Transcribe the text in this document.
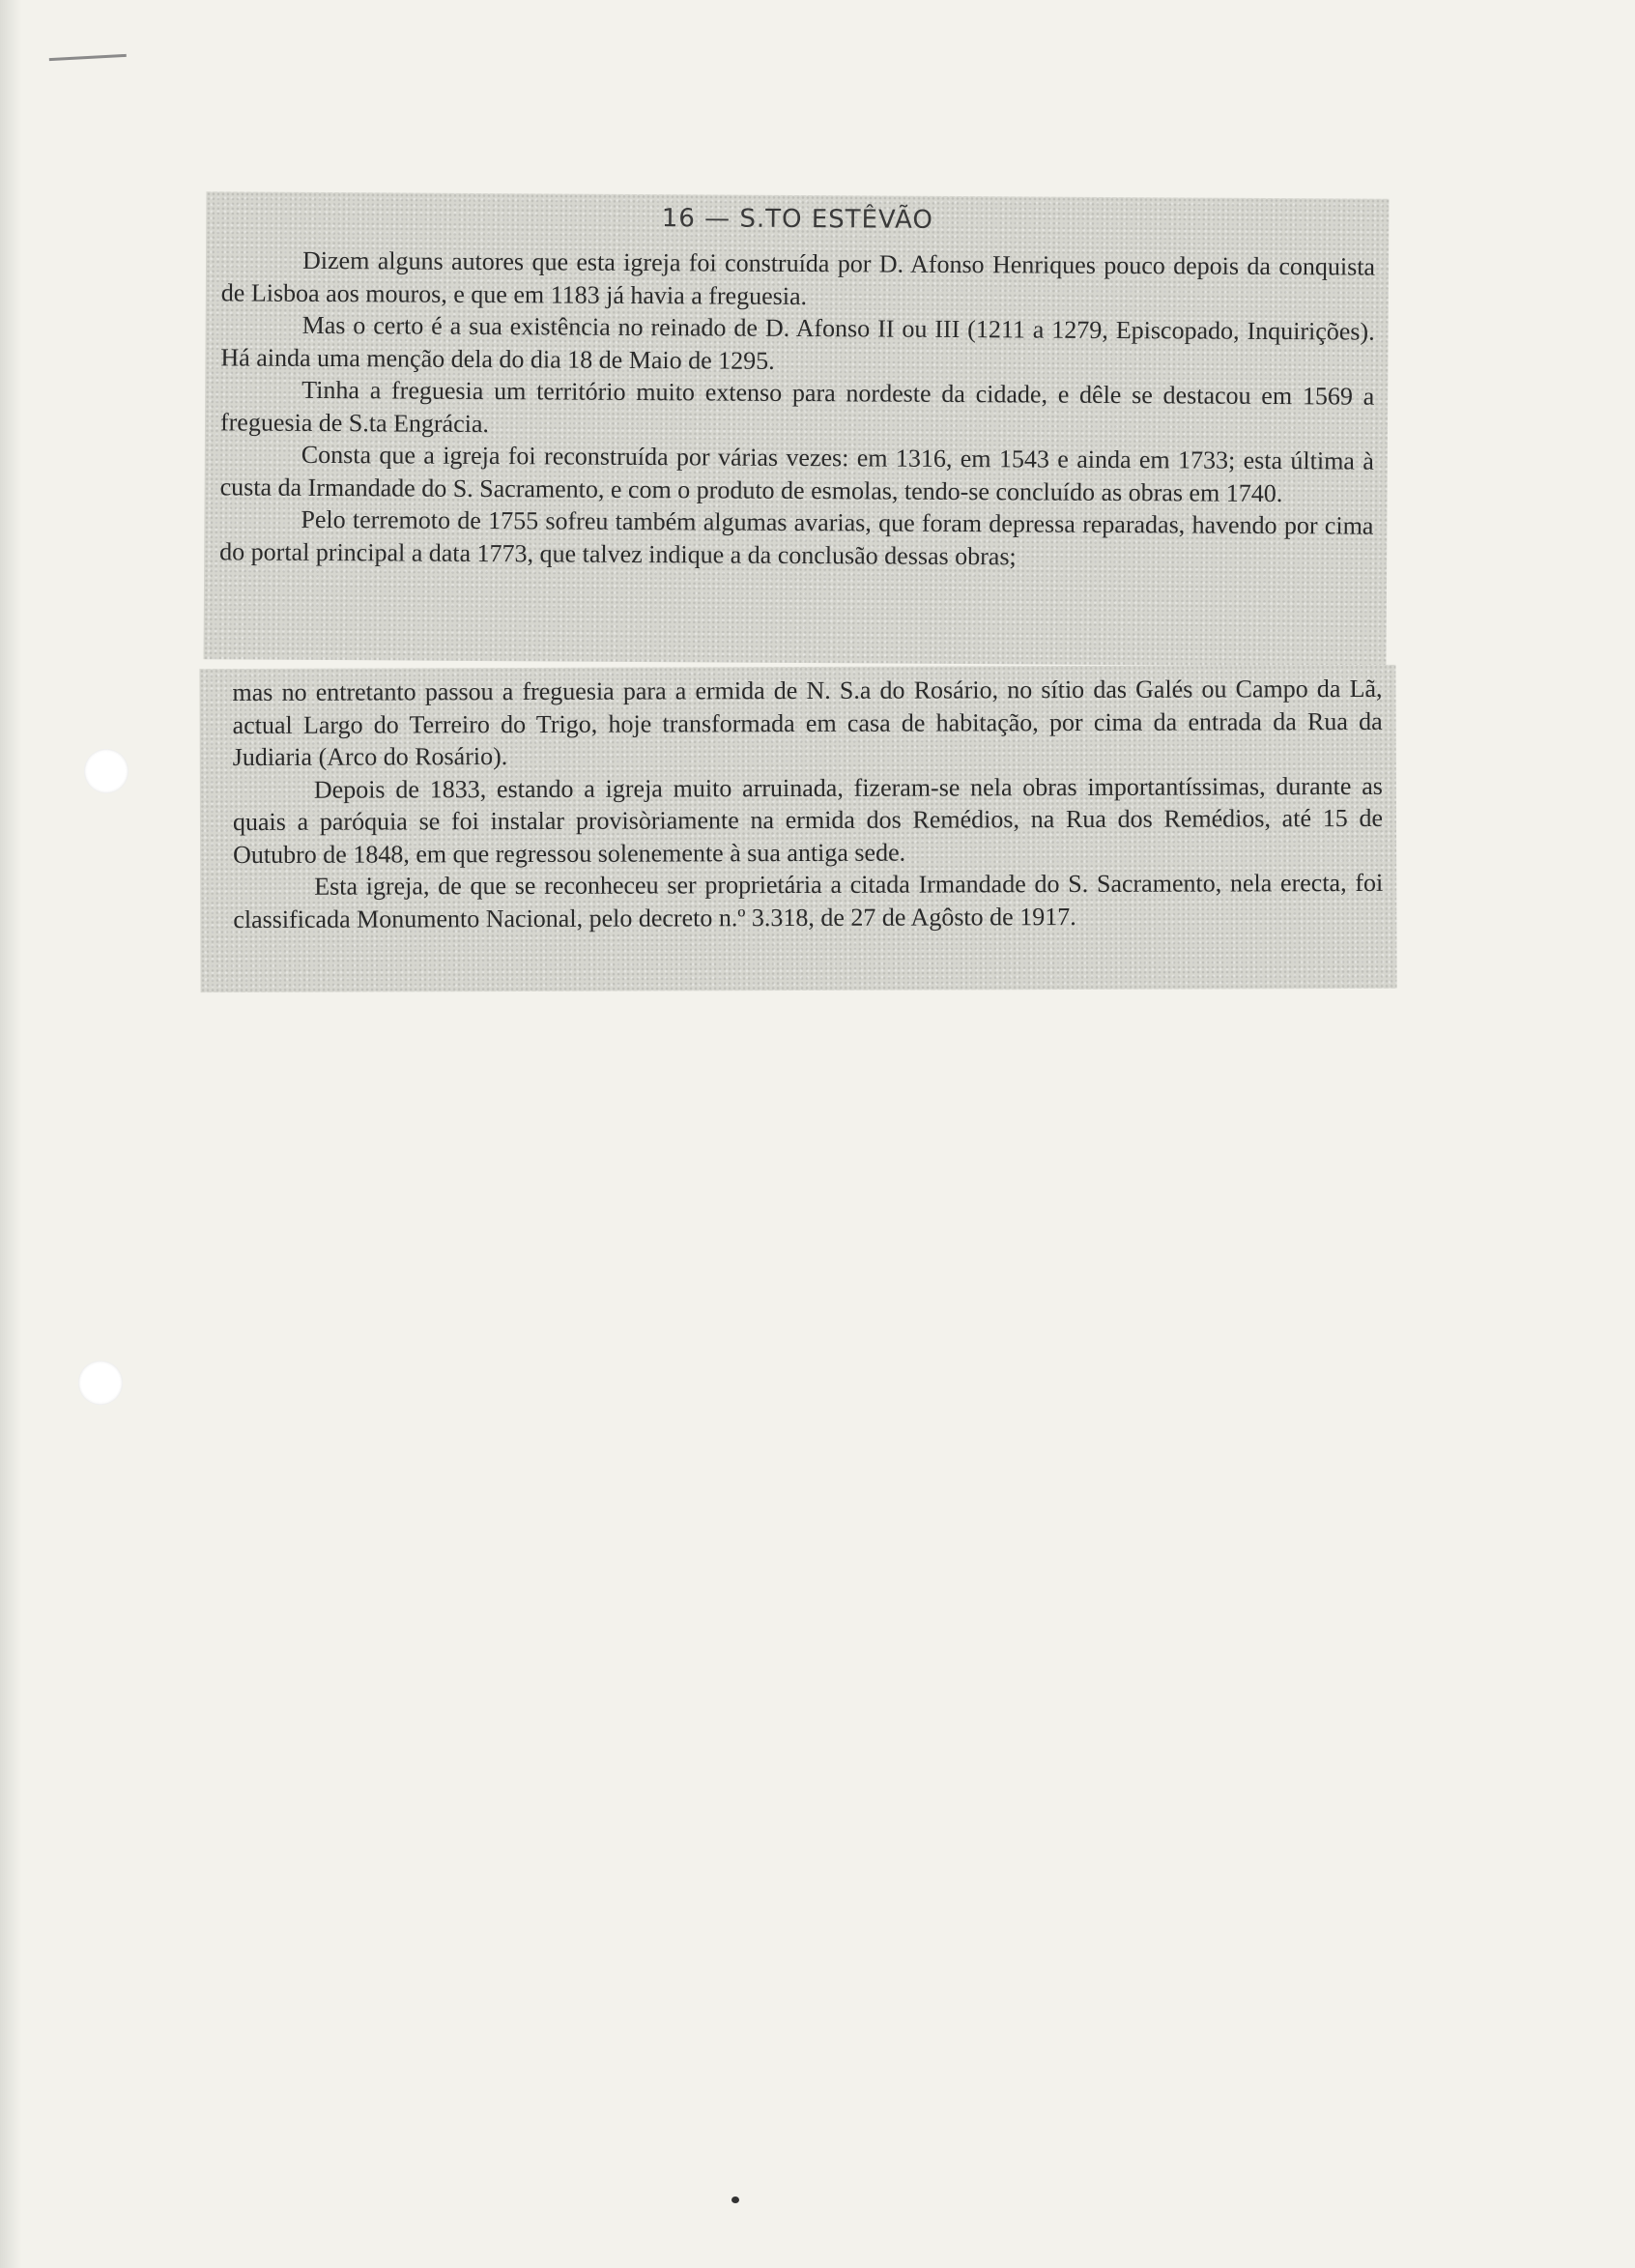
16 — S.TO ESTÊVÃO

Dizem alguns autores que esta igreja foi construída por D. Afonso Henriques pouco depois da conquista de Lisboa aos mouros, e que em 1183 já havia a freguesia.

Mas o certo é a sua existência no reinado de D. Afonso II ou III (1211 a 1279, Episcopado, Inquirições). Há ainda uma menção dela do dia 18 de Maio de 1295.

Tinha a freguesia um território muito extenso para nordeste da cidade, e dêle se destacou em 1569 a freguesia de S.ta Engrácia.

Consta que a igreja foi reconstruída por várias vezes: em 1316, em 1543 e ainda em 1733; esta última à custa da Irmandade do S. Sacramento, e com o produto de esmolas, tendo-se concluído as obras em 1740.

Pelo terremoto de 1755 sofreu também algumas avarias, que foram depressa reparadas, havendo por cima do portal principal a data 1773, que talvez indique a da conclusão dessas obras;

mas no entretanto passou a freguesia para a ermida de N. S.a do Rosário, no sítio das Galés ou Campo da Lã, actual Largo do Terreiro do Trigo, hoje transformada em casa de habitação, por cima da entrada da Rua da Judiaria (Arco do Rosário).

Depois de 1833, estando a igreja muito arruinada, fizeram-se nela obras importantíssimas, durante as quais a paróquia se foi instalar provisòriamente na ermida dos Remédios, na Rua dos Remédios, até 15 de Outubro de 1848, em que regressou solenemente à sua antiga sede.

Esta igreja, de que se reconheceu ser proprietária a citada Irmandade do S. Sacramento, nela erecta, foi classificada Monumento Nacional, pelo decreto n.º 3.318, de 27 de Agôsto de 1917.
